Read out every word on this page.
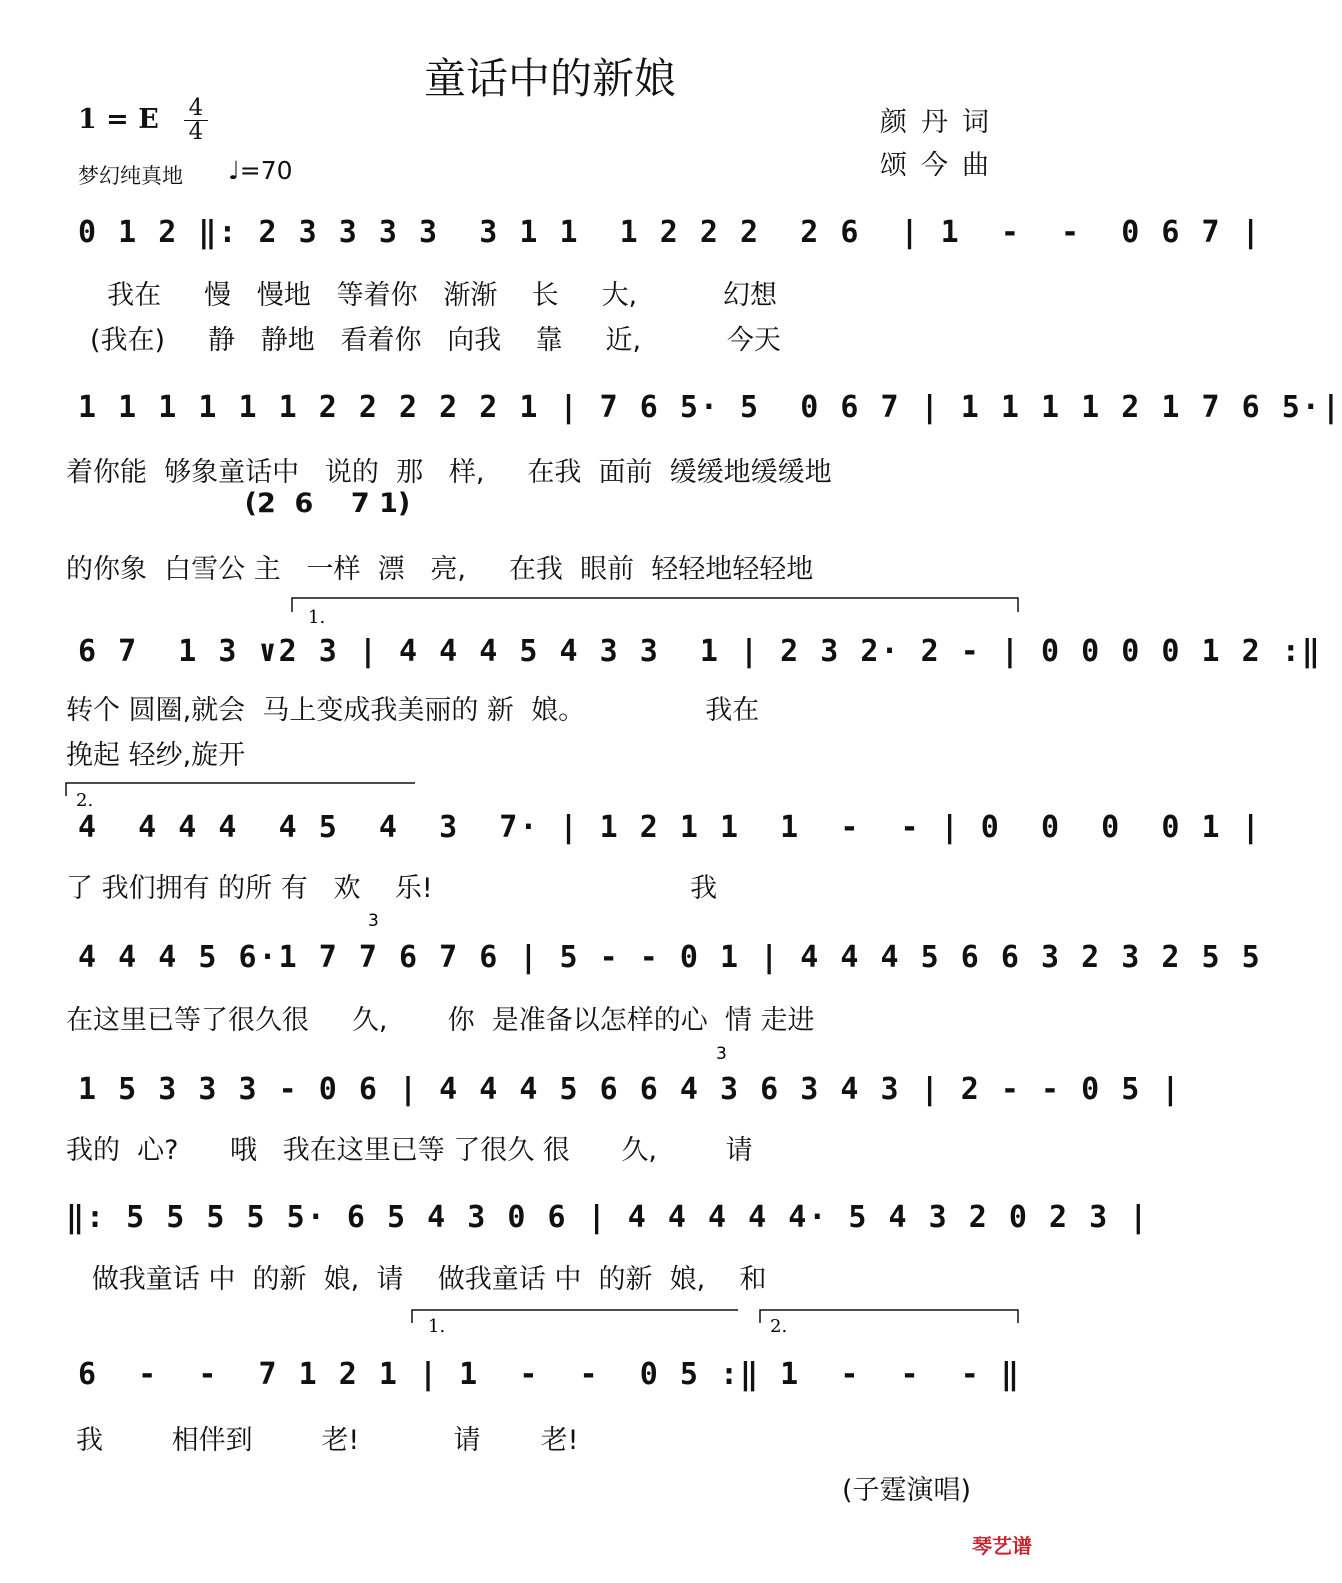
童话中的新娘
1 = E 4
4
梦幻纯真地 ♩=70
颜丹词
颂今曲
1.
2.
1.	2.
3
3
0 1 2 ‖: 2 3 3 3 3  3 1 1  1 2 2 2  2 6  | 1  -  -  0 6 7 |
我在     慢   慢地   等着你   渐渐    长     大,          幻想
(我在)     静   静地   看着你   向我    靠     近,          今天
1 1 1 1 1 1 2 2 2 2 2 1 | 7 6 5· 5  0 6 7 | 1 1 1 1 2 1 7 6 5·|
着你能  够象童话中   说的  那   样,     在我  面前  缓缓地缓缓地
(2  6    7 1)
的你象  白雪公 主   一样  漂   亮,     在我  眼前  轻轻地轻轻地
6 7  1 3 ∨2 3 | 4 4 4 5 4 3 3  1 | 2 3 2· 2 - | 0 0 0 0 1 2 :‖
转个 圆圈,就会  马上变成我美丽的 新  娘。              我在
挽起 轻纱,旋开
4  4 4 4  4 5  4  3  7· | 1 2 1 1  1  -  - | 0  0  0  0 1 |
了 我们拥有 的所 有   欢    乐!                              我
4 4 4 5 6·1 7 7 6 7 6 | 5 - - 0 1 | 4 4 4 5 6 6 3 2 3 2 5 5
在这里已等了很久很     久,       你  是准备以怎样的心  情 走进
1 5 3 3 3 - 0 6 | 4 4 4 5 6 6 4 3 6 3 4 3 | 2 - - 0 5 |
我的  心?      哦   我在这里已等 了很久 很      久,        请
‖: 5 5 5 5 5· 6 5 4 3 0 6 | 4 4 4 4 4· 5 4 3 2 0 2 3 |
做我童话 中  的新  娘,  请    做我童话 中  的新  娘,    和
6  -  -  7 1 2 1 | 1  -  -  0 5 :‖ 1  -  -  - ‖
我        相伴到        老!           请       老!
(子霆演唱)
琴艺谱
